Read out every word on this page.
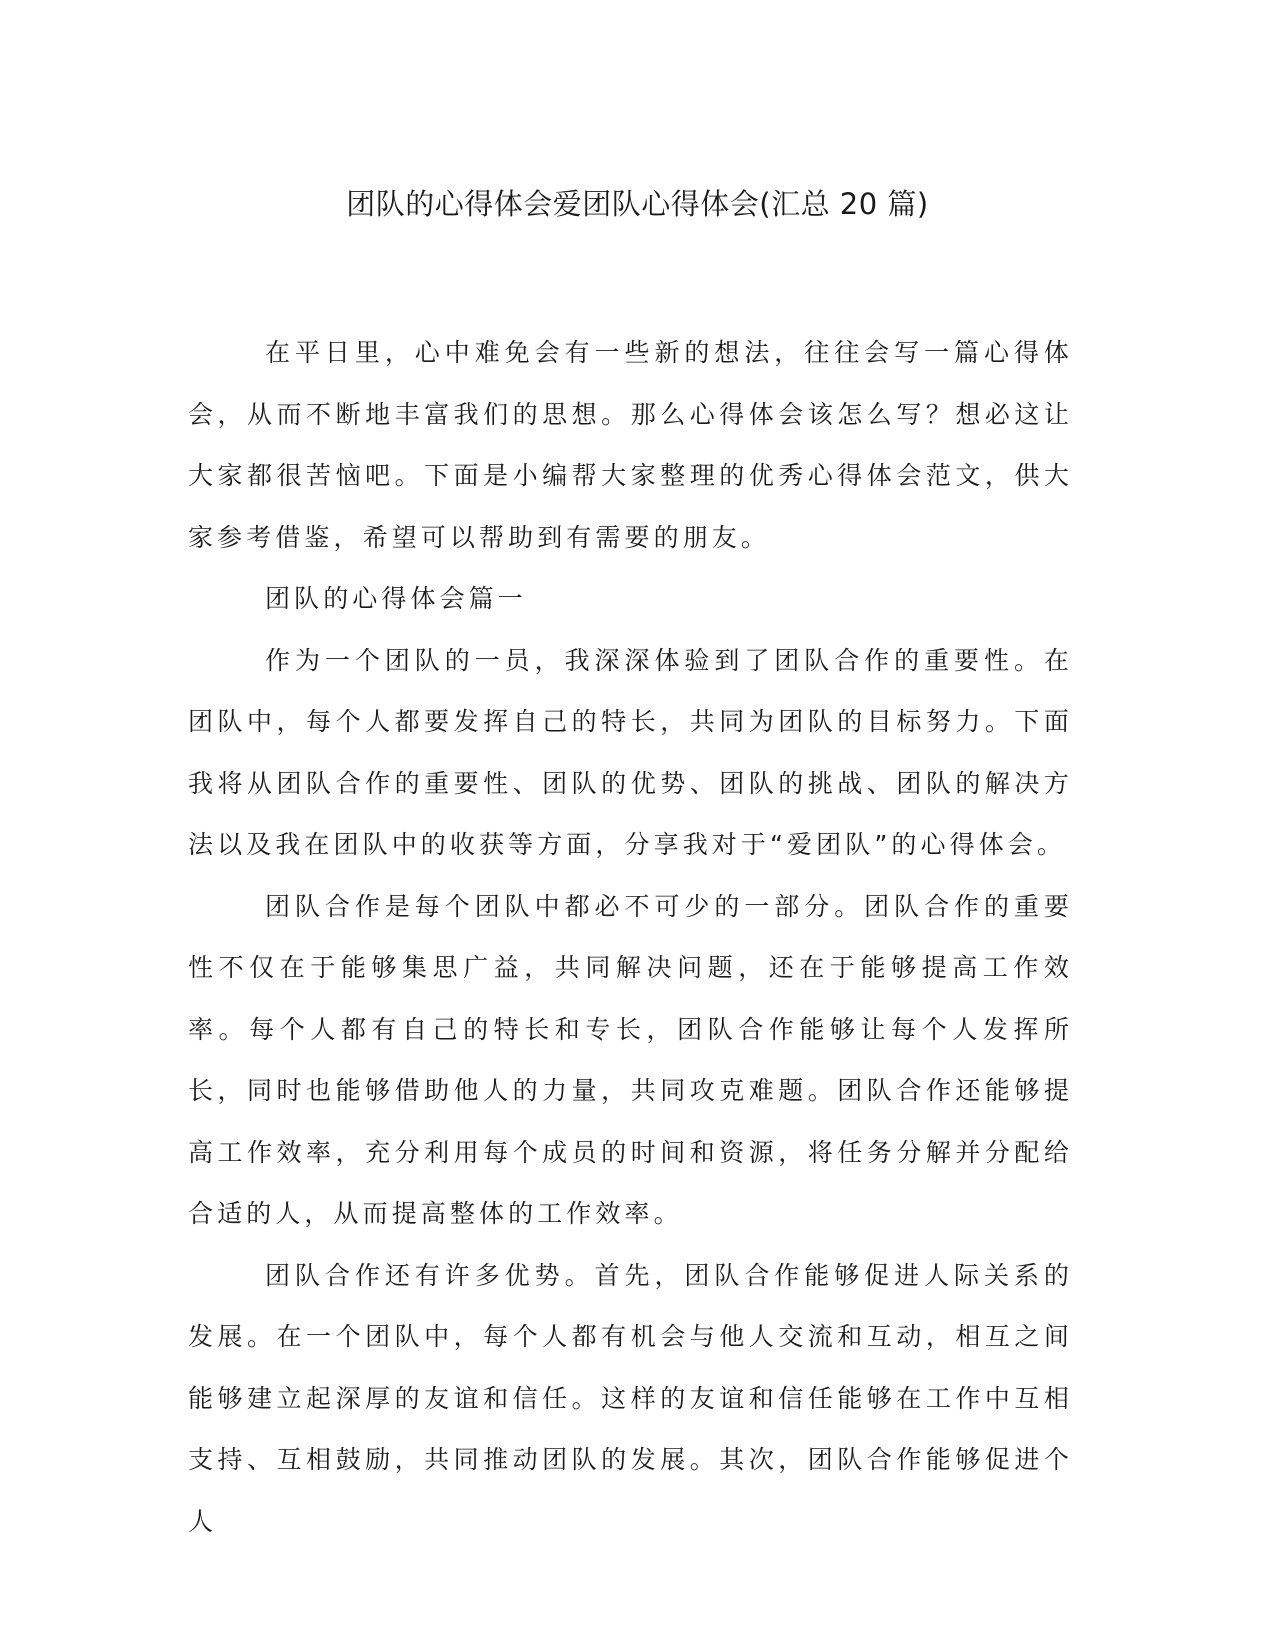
团队的心得体会爱团队心得体会(汇总 20 篇)

在平日里，心中难免会有一些新的想法，往往会写一篇心得体会，从而不断地丰富我们的思想。那么心得体会该怎么写？想必这让大家都很苦恼吧。下面是小编帮大家整理的优秀心得体会范文，供大家参考借鉴，希望可以帮助到有需要的朋友。

团队的心得体会篇一

作为一个团队的一员，我深深体验到了团队合作的重要性。在团队中，每个人都要发挥自己的特长，共同为团队的目标努力。下面我将从团队合作的重要性、团队的优势、团队的挑战、团队的解决方法以及我在团队中的收获等方面，分享我对于“爱团队”的心得体会。

团队合作是每个团队中都必不可少的一部分。团队合作的重要性不仅在于能够集思广益，共同解决问题，还在于能够提高工作效率。每个人都有自己的特长和专长，团队合作能够让每个人发挥所长，同时也能够借助他人的力量，共同攻克难题。团队合作还能够提高工作效率，充分利用每个成员的时间和资源，将任务分解并分配给合适的人，从而提高整体的工作效率。

团队合作还有许多优势。首先，团队合作能够促进人际关系的发展。在一个团队中，每个人都有机会与他人交流和互动，相互之间能够建立起深厚的友谊和信任。这样的友谊和信任能够在工作中互相支持、互相鼓励，共同推动团队的发展。其次，团队合作能够促进个人
